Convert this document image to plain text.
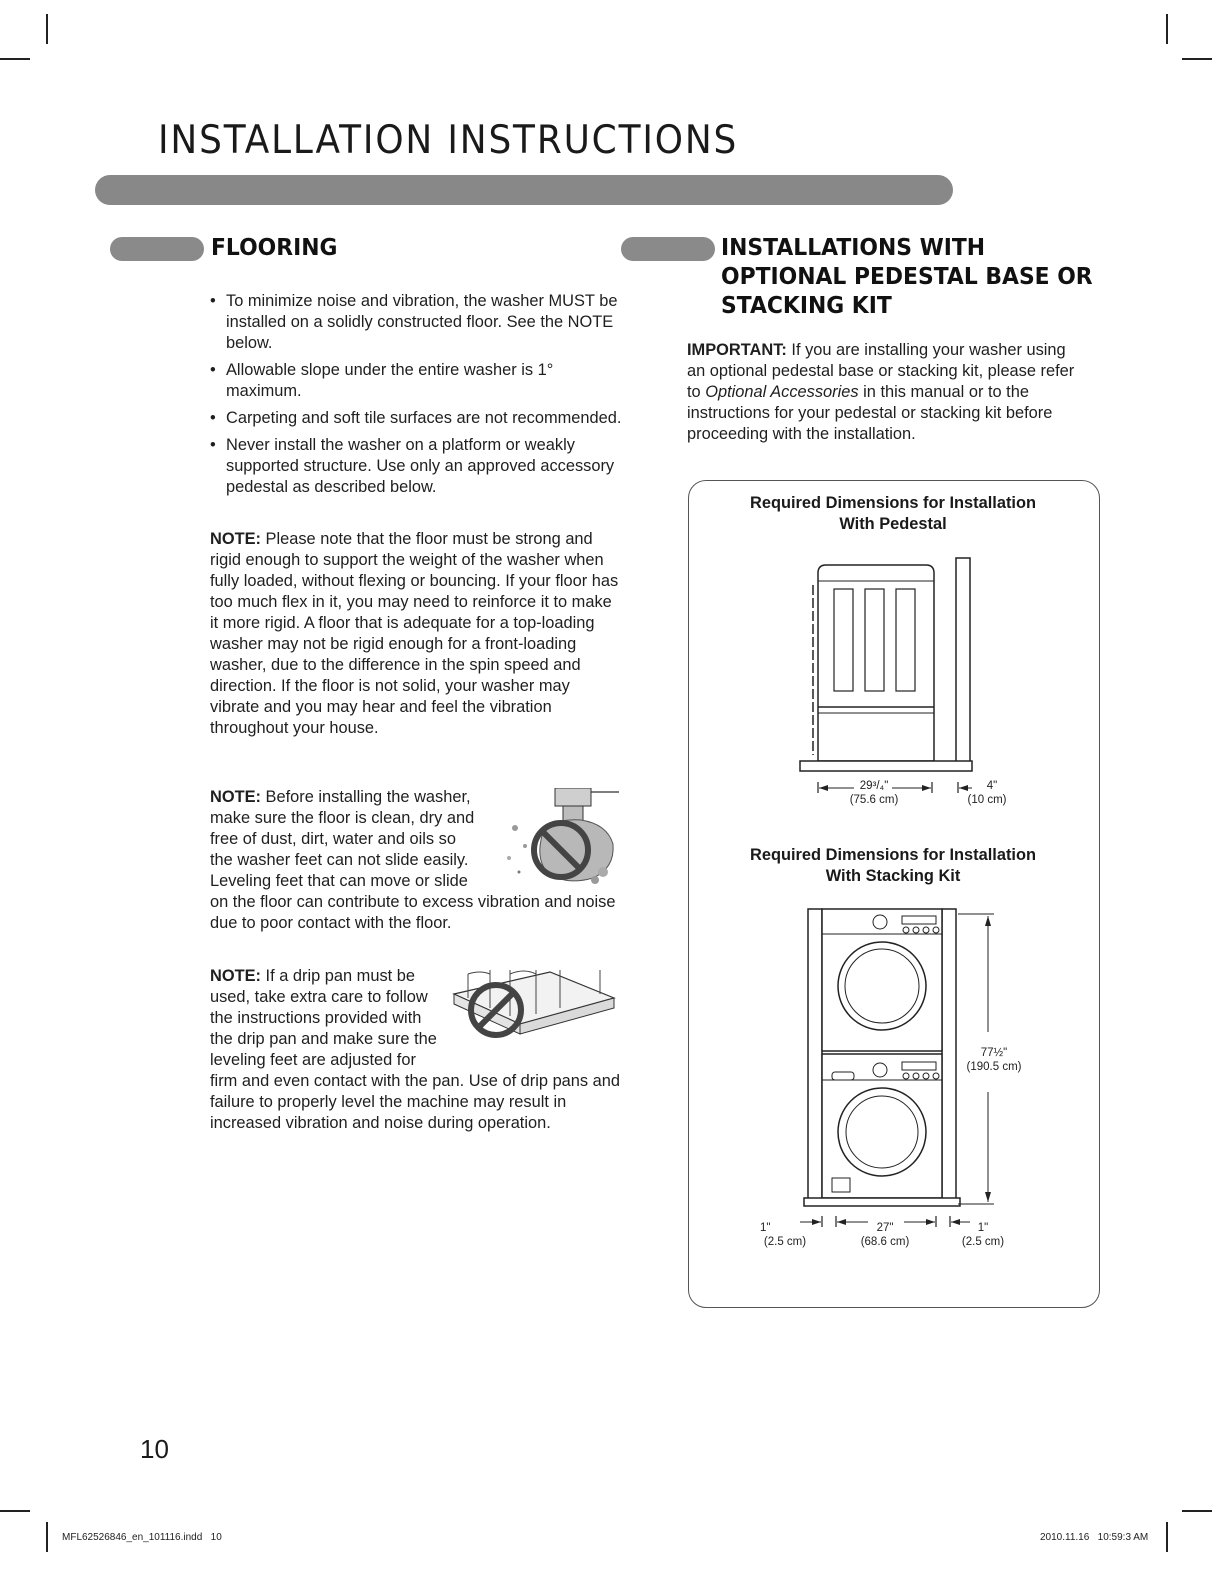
INSTALLATION INSTRUCTIONS
FLOORING
• To minimize noise and vibration, the washer MUST be installed on a solidly constructed floor. See the NOTE below.
• Allowable slope under the entire washer is 1° maximum.
• Carpeting and soft tile surfaces are not recommended.
• Never install the washer on a platform or weakly supported structure. Use only an approved accessory pedestal as described below.
NOTE: Please note that the floor must be strong and rigid enough to support the weight of the washer when fully loaded, without flexing or bouncing. If your floor has too much flex in it, you may need to reinforce it to make it more rigid. A floor that is adequate for a top-loading washer may not be rigid enough for a front-loading washer, due to the difference in the spin speed and direction. If the floor is not solid, your washer may vibrate and you may hear and feel the vibration throughout your house.
NOTE: Before installing the washer, make sure the floor is clean, dry and free of dust, dirt, water and oils so the washer feet can not slide easily. Leveling feet that can move or slide on the floor can contribute to excess vibration and noise due to poor contact with the floor.
NOTE: If a drip pan must be used, take extra care to follow the instructions provided with the drip pan and make sure the leveling feet are adjusted for firm and even contact with the pan. Use of drip pans and failure to properly level the machine may result in increased vibration and noise during operation.
INSTALLATIONS WITH
OPTIONAL PEDESTAL BASE OR
STACKING KIT
IMPORTANT: If you are installing your washer using an optional pedestal base or stacking kit, please refer to Optional Accessories in this manual or to the instructions for your pedestal or stacking kit before proceeding with the installation.
Required Dimensions for Installation
With Pedestal
29³/₄"
(75.6 cm)
4"
(10 cm)
Required Dimensions for Installation
With Stacking Kit
77½"
(190.5 cm)
1"
(2.5 cm)
27"
(68.6 cm)
1"
(2.5 cm)
10
MFL62526846_en_101116.indd   10	2010.11.16   10:59:3 AM
